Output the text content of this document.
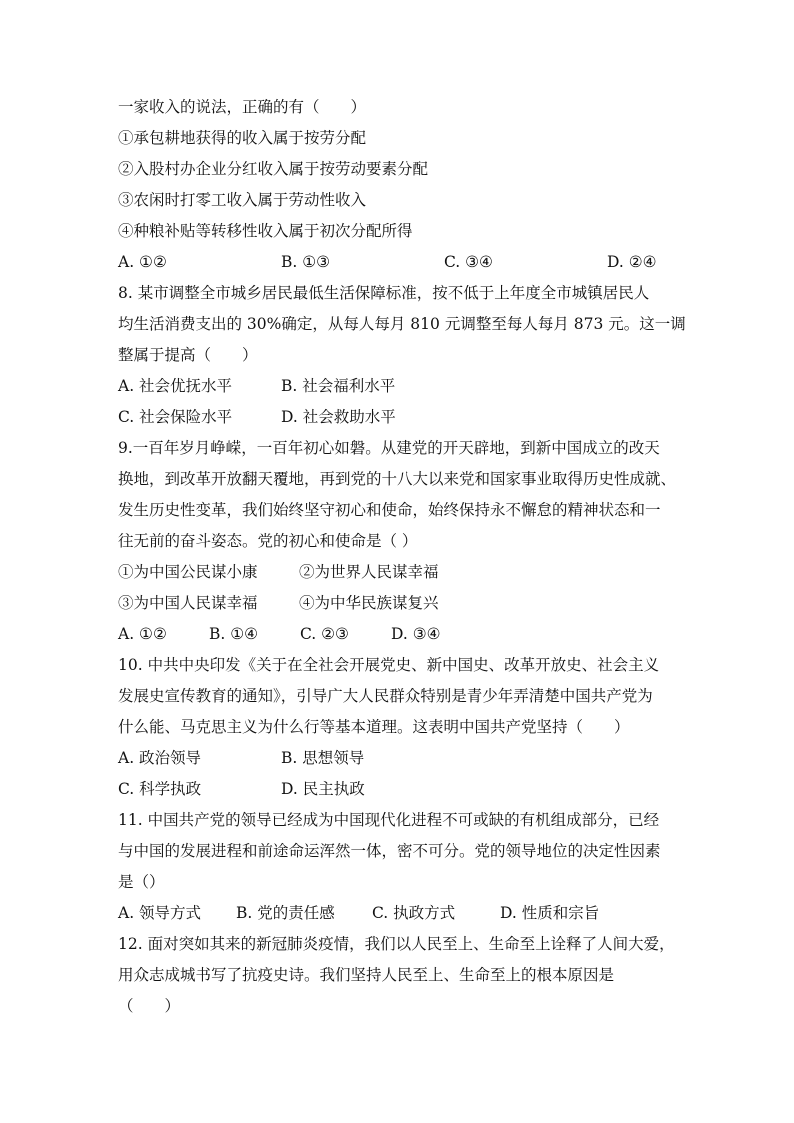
一家收入的说法，正确的有（　　）
①承包耕地获得的收入属于按劳分配
②入股村办企业分红收入属于按劳动要素分配
③农闲时打零工收入属于劳动性收入
④种粮补贴等转移性收入属于初次分配所得
A. ①②	B. ①③	C. ③④	D. ②④
8. 某市调整全市城乡居民最低生活保障标准，按不低于上年度全市城镇居民人
均生活消费支出的 30%确定，从每人每月 810 元调整至每人每月 873 元。这一调
整属于提高（　　）
A. 社会优抚水平	B. 社会福利水平
C. 社会保险水平	D. 社会救助水平
9.一百年岁月峥嵘，一百年初心如磐。从建党的开天辟地，到新中国成立的改天
换地，到改革开放翻天覆地，再到党的十八大以来党和国家事业取得历史性成就、
发生历史性变革，我们始终坚守初心和使命，始终保持永不懈怠的精神状态和一
往无前的奋斗姿态。党的初心和使命是（ ）
①为中国公民谋小康	②为世界人民谋幸福
③为中国人民谋幸福	④为中华民族谋复兴
A. ①②	B. ①④	C. ②③	D. ③④
10. 中共中央印发《关于在全社会开展党史、新中国史、改革开放史、社会主义
发展史宣传教育的通知》，引导广大人民群众特别是青少年弄清楚中国共产党为
什么能、马克思主义为什么行等基本道理。这表明中国共产党坚持（　　）
A. 政治领导	B. 思想领导
C. 科学执政	D. 民主执政
11. 中国共产党的领导已经成为中国现代化进程不可或缺的有机组成部分，已经
与中国的发展进程和前途命运浑然一体，密不可分。党的领导地位的决定性因素
是（）
A. 领导方式	B. 党的责任感	C. 执政方式	D. 性质和宗旨
12. 面对突如其来的新冠肺炎疫情，我们以人民至上、生命至上诠释了人间大爱，
用众志成城书写了抗疫史诗。我们坚持人民至上、生命至上的根本原因是
（　　）
